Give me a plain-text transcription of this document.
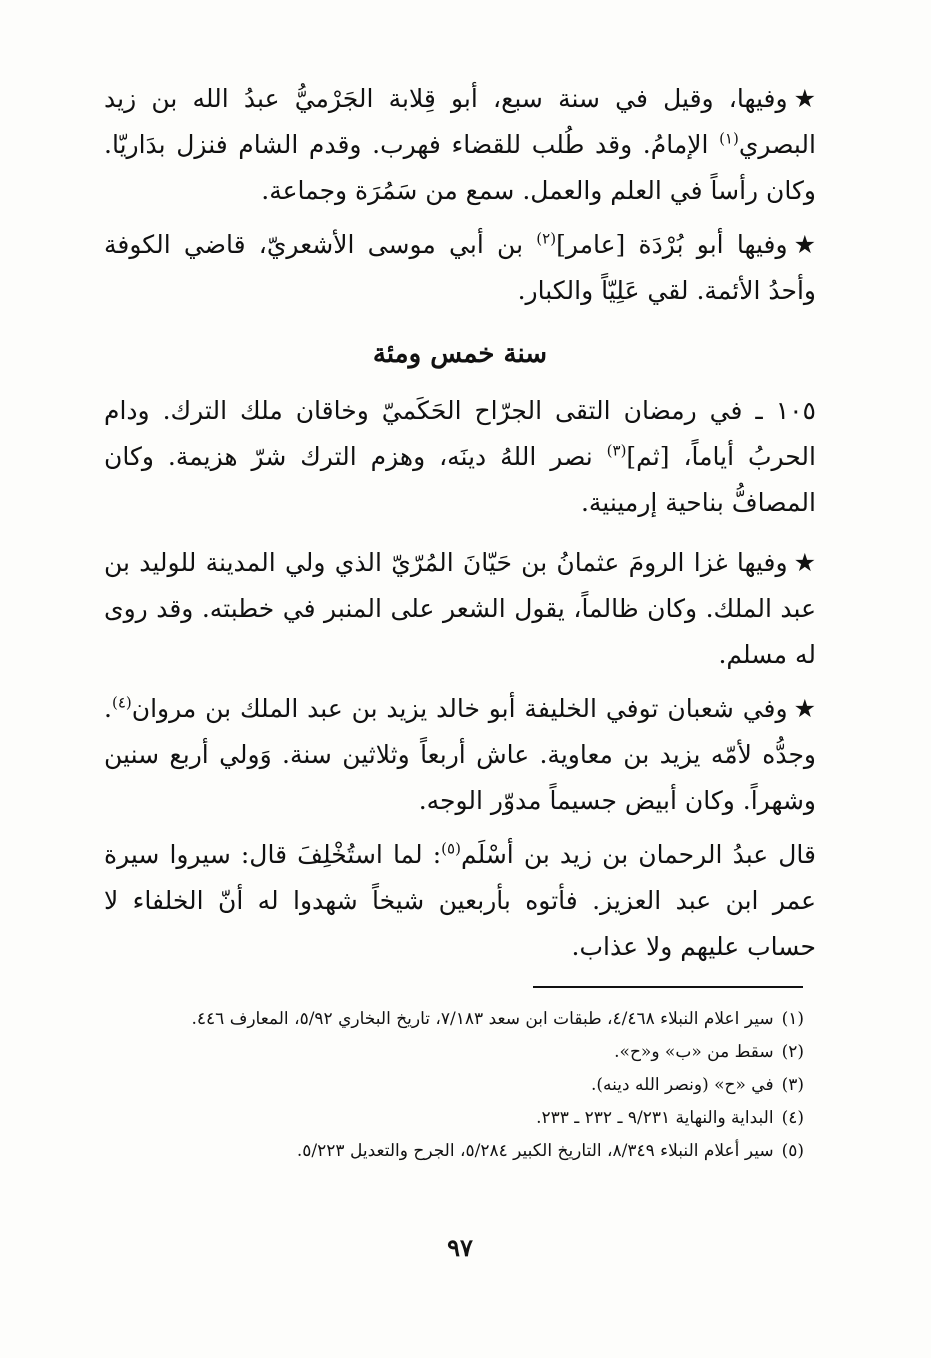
★وفيها، وقيل في سنة سبع، أبو قِلابة الجَرْميُّ عبدُ الله بن زيد البصري$^{(١)}$ الإمامُ. وقد طُلب للقضاء فهرب. وقدم الشام فنزل بدَاريّا. وكان رأساً في العلم والعمل. سمع من سَمُرَة وجماعة.

★وفيها أبو بُرْدَة [عامر]$^{(٢)}$ بن أبي موسى الأشعريّ، قاضي الكوفة وأحدُ الأئمة. لقي عَلِيّاً والكبار.

سنة خمس ومئة

١٠٥ ـ في رمضان التقى الجرّاح الحَكَميّ وخاقان ملك الترك. ودام الحربُ أياماً، [ثم]$^{(٣)}$ نصر اللهُ دينَه، وهزم الترك شرّ هزيمة. وكان المصافُّ بناحية إرمينية.

★وفيها غزا الرومَ عثمانُ بن حَيّانَ المُرّيّ الذي ولي المدينة للوليد بن عبد الملك. وكان ظالماً، يقول الشعر على المنبر في خطبته. وقد روى له مسلم.

★وفي شعبان توفي الخليفة أبو خالد يزيد بن عبد الملك بن مروان$^{(٤)}$. وجدُّه لأمّه يزيد بن معاوية. عاش أربعاً وثلاثين سنة. وَولي أربع سنين وشهراً. وكان أبيض جسيماً مدوّر الوجه.

قال عبدُ الرحمان بن زيد بن أسْلَم$^{(٥)}$: لما استُخْلِفَ قال: سيروا سيرة عمر ابن عبد العزيز. فأتوه بأربعين شيخاً شهدوا له أنّ الخلفاء لا حساب عليهم ولا عذاب.

(١)سير اعلام النبلاء ٤/٤٦٨، طبقات ابن سعد ٧/١٨٣، تاريخ البخاري ٥/٩٢، المعارف ٤٤٦.
(٢)سقط من «ب» و«ح».
(٣)في «ح» (ونصر الله دينه).
(٤)البداية والنهاية ٩/٢٣١ ـ ٢٣٢ ـ ٢٣٣.
(٥)سير أعلام النبلاء ٨/٣٤٩، التاريخ الكبير ٥/٢٨٤، الجرح والتعديل ٥/٢٢٣.
٩٧
